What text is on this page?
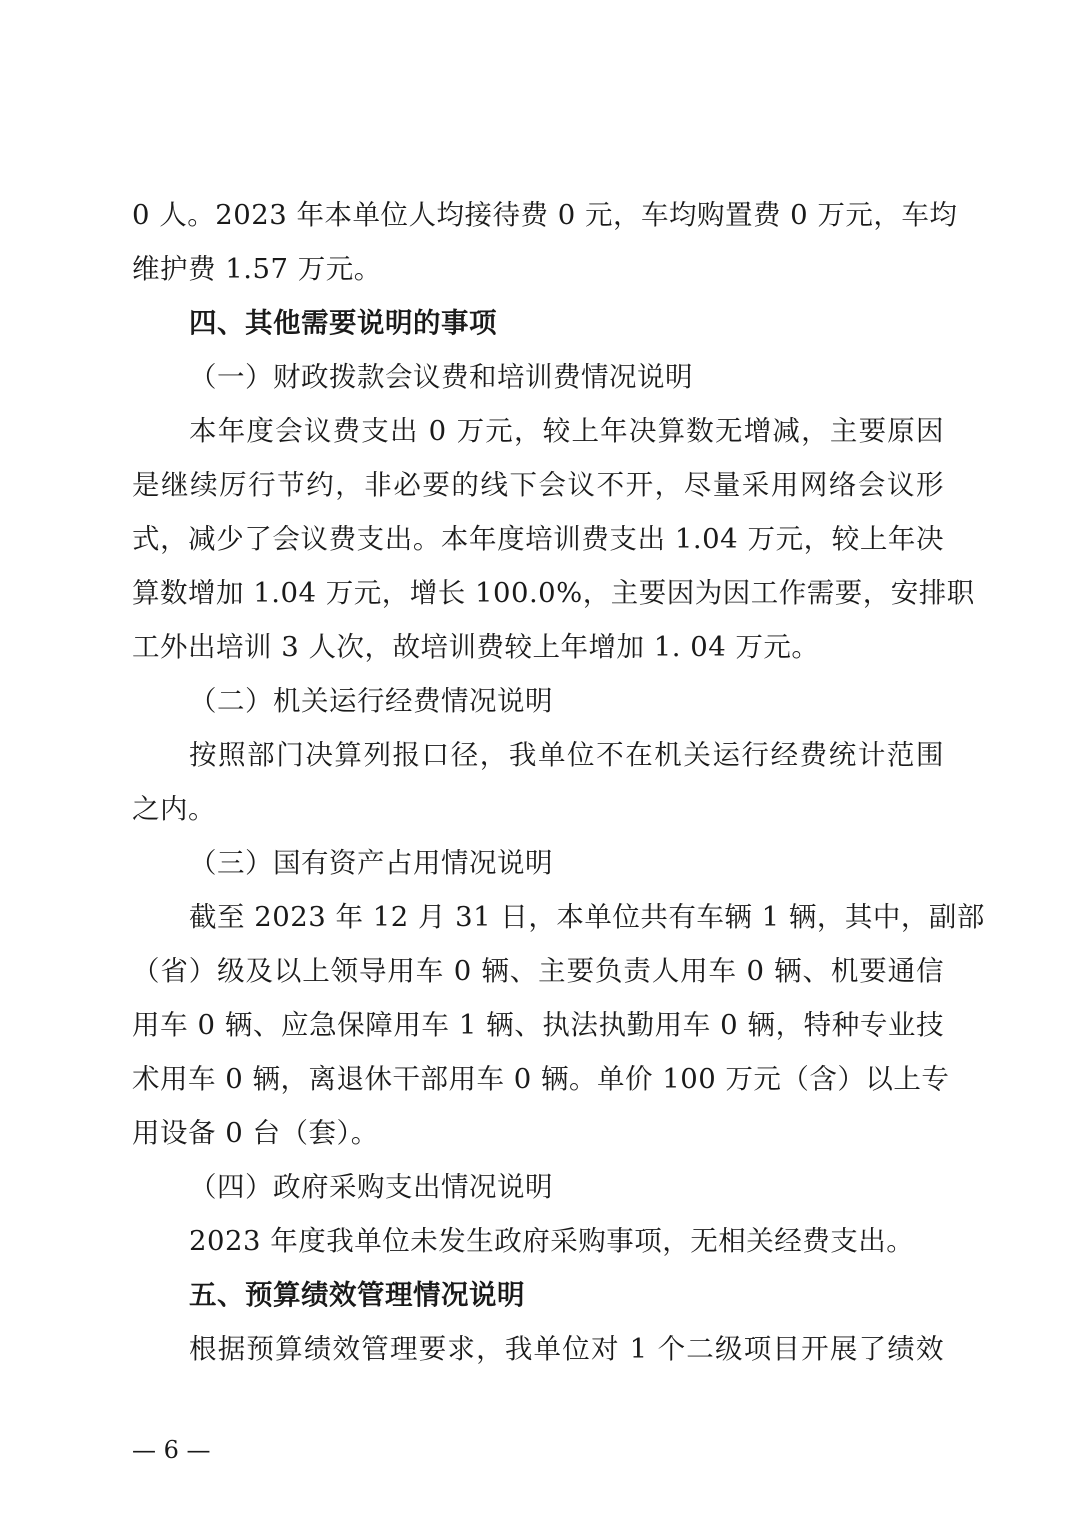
0 人。2023 年本单位人均接待费 0 元，车均购置费 0 万元，车均
维护费 1.57 万元。
四、其他需要说明的事项
（一）财政拨款会议费和培训费情况说明
本年度会议费支出 0 万元，较上年决算数无增减，主要原因
是继续厉行节约，非必要的线下会议不开，尽量采用网络会议形
式，减少了会议费支出。本年度培训费支出 1.04 万元，较上年决
算数增加 1.04 万元，增长 100.0%，主要因为因工作需要，安排职
工外出培训 3 人次，故培训费较上年增加 1. 04 万元。
（二）机关运行经费情况说明
按照部门决算列报口径，我单位不在机关运行经费统计范围
之内。
（三）国有资产占用情况说明
截至 2023 年 12 月 31 日，本单位共有车辆 1 辆，其中，副部
（省）级及以上领导用车 0 辆、主要负责人用车 0 辆、机要通信
用车 0 辆、应急保障用车 1 辆、执法执勤用车 0 辆，特种专业技
术用车 0 辆，离退休干部用车 0 辆。单价 100 万元（含）以上专
用设备 0 台（套）。
（四）政府采购支出情况说明
2023 年度我单位未发生政府采购事项，无相关经费支出。
五、预算绩效管理情况说明
根据预算绩效管理要求，我单位对 1 个二级项目开展了绩效
— 6 —
